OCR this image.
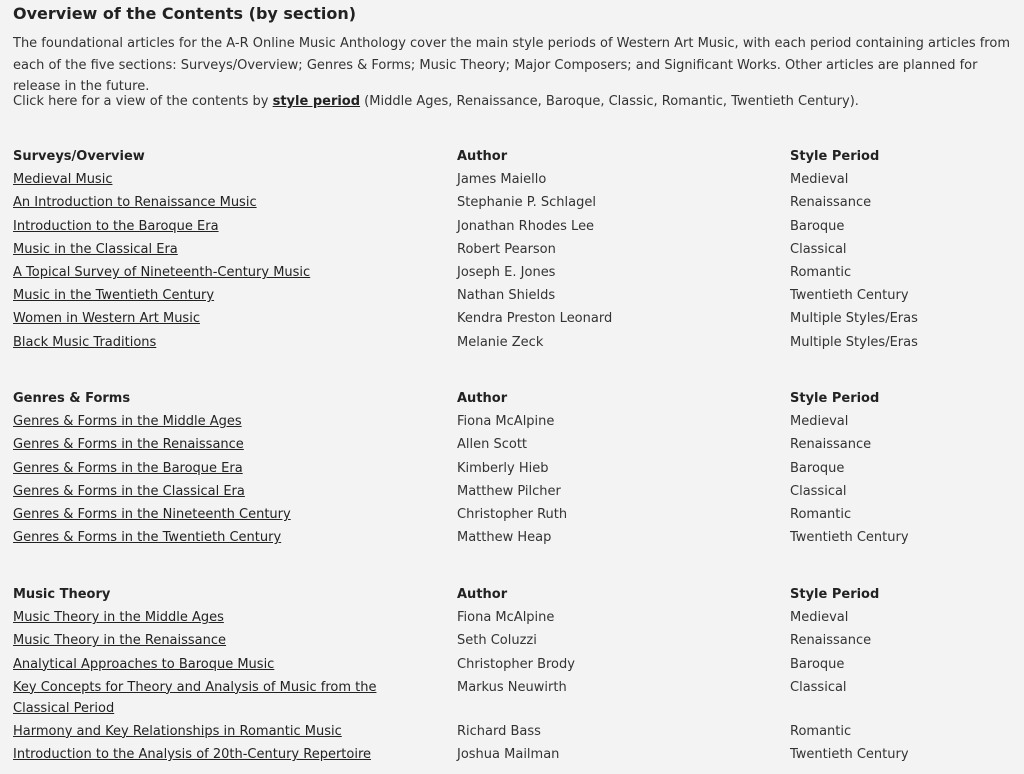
Overview of the Contents (by section)

The foundational articles for the A-R Online Music Anthology cover the main style periods of Western Art Music, with each period containing articles from each of the five sections: Surveys/Overview; Genres & Forms; Music Theory; Major Composers; and Significant Works. Other articles are planned for release in the future.

Click here for a view of the contents by style period (Middle Ages, Renaissance, Baroque, Classic, Romantic, Twentieth Century).

Surveys/Overview	Author	Style Period
Medieval Music	James Maiello	Medieval
An Introduction to Renaissance Music	Stephanie P. Schlagel	Renaissance
Introduction to the Baroque Era	Jonathan Rhodes Lee	Baroque
Music in the Classical Era	Robert Pearson	Classical
A Topical Survey of Nineteenth-Century Music	Joseph E. Jones	Romantic
Music in the Twentieth Century	Nathan Shields	Twentieth Century
Women in Western Art Music	Kendra Preston Leonard	Multiple Styles/Eras
Black Music Traditions	Melanie Zeck	Multiple Styles/Eras
Genres & Forms	Author	Style Period
Genres & Forms in the Middle Ages	Fiona McAlpine	Medieval
Genres & Forms in the Renaissance	Allen Scott	Renaissance
Genres & Forms in the Baroque Era	Kimberly Hieb	Baroque
Genres & Forms in the Classical Era	Matthew Pilcher	Classical
Genres & Forms in the Nineteenth Century	Christopher Ruth	Romantic
Genres & Forms in the Twentieth Century	Matthew Heap	Twentieth Century
Music Theory	Author	Style Period
Music Theory in the Middle Ages	Fiona McAlpine	Medieval
Music Theory in the Renaissance	Seth Coluzzi	Renaissance
Analytical Approaches to Baroque Music	Christopher Brody	Baroque

Key Concepts for Theory and Analysis of Music from the Classical Period	Markus Neuwirth	Classical
Harmony and Key Relationships in Romantic Music	Richard Bass	Romantic
Introduction to the Analysis of 20th-Century Repertoire	Joshua Mailman	Twentieth Century
